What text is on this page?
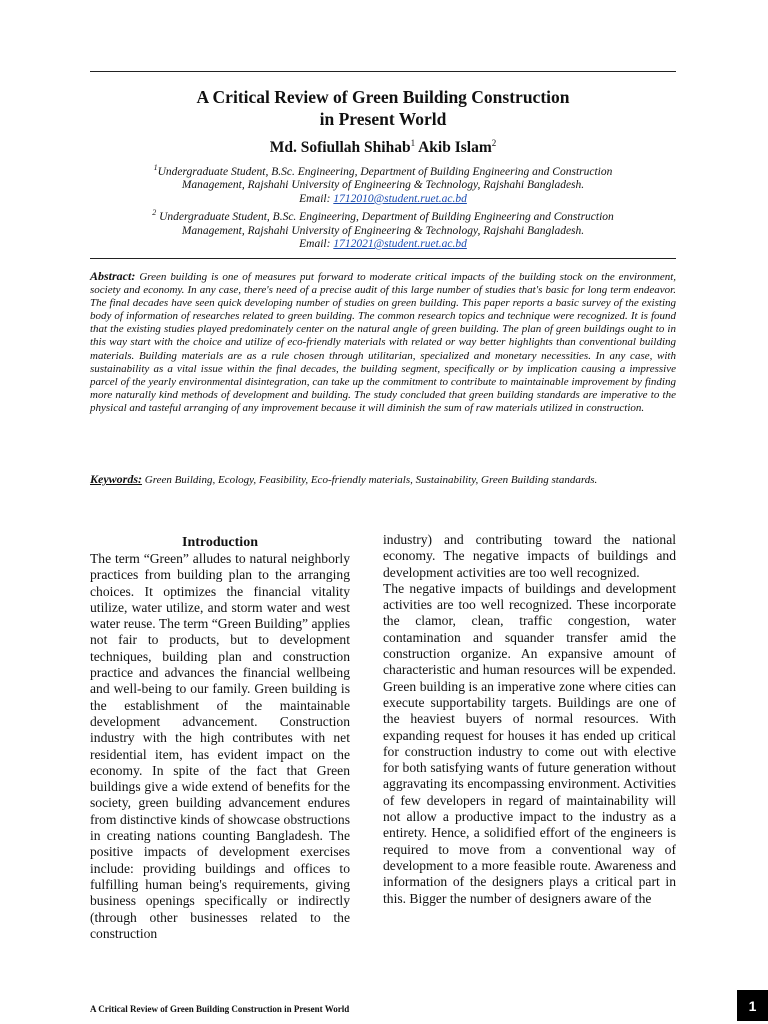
A Critical Review of Green Building Construction
in Present World
Md. Sofiullah Shihab$^1$ Akib Islam$^2$

$^1$Undergraduate Student, B.Sc. Engineering, Department of Building Engineering and Construction

Management, Rajshahi University of Engineering & Technology, Rajshahi Bangladesh.

Email: 1712010@student.ruet.ac.bd

$^2$ Undergraduate Student, B.Sc. Engineering, Department of Building Engineering and Construction

Management, Rajshahi University of Engineering & Technology, Rajshahi Bangladesh.

Email: 1712021@student.ruet.ac.bd

Abstract: Green building is one of measures put forward to moderate critical impacts of the building stock on the environment, society and economy. In any case, there's need of a precise audit of this large number of studies that's basic for long term endeavor. The final decades have seen quick developing number of studies on green building. This paper reports a basic survey of the existing body of information of researches related to green building. The common research topics and technique were recognized. It is found that the existing studies played predominately center on the natural angle of green building. The plan of green buildings ought to in this way start with the choice and utilize of eco-friendly materials with related or way better highlights than conventional building materials. Building materials are as a rule chosen through utilitarian, specialized and monetary necessities. In any case, with sustainability as a vital issue within the final decades, the building segment, specifically or by implication causing a impressive parcel of the yearly environmental disintegration, can take up the commitment to contribute to maintainable improvement by finding more naturally kind methods of development and building. The study concluded that green building standards are imperative to the physical and tasteful arranging of any improvement because it will diminish the sum of raw materials utilized in construction.
Keywords: Green Building, Ecology, Feasibility, Eco-friendly materials, Sustainability, Green Building standards.
Introduction

The term “Green” alludes to natural neighborly practices from building plan to the arranging choices. It optimizes the financial vitality utilize, water utilize, and storm water and west water reuse. The term “Green Building” applies not fair to products, but to development techniques, building plan and construction practice and advances the financial wellbeing and well-being to our family. Green building is the establishment of the maintainable development advancement. Construction industry with the high contributes with net residential item, has evident impact on the economy. In spite of the fact that Green buildings give a wide extend of benefits for the society, green building advancement endures from distinctive kinds of showcase obstructions in creating nations counting Bangladesh. The positive impacts of development exercises include: providing buildings and offices to fulfilling human being's requirements, giving business openings specifically or indirectly (through other businesses related to the construction

industry) and contributing toward the national economy. The negative impacts of buildings and development activities are too well recognized.

The negative impacts of buildings and development activities are too well recognized. These incorporate the clamor, clean, traffic congestion, water contamination and squander transfer amid the construction organize. An expansive amount of characteristic and human resources will be expended. Green building is an imperative zone where cities can execute supportability targets. Buildings are one of the heaviest buyers of normal resources. With expanding request for houses it has ended up critical for construction industry to come out with elective for both satisfying wants of future generation without aggravating its encompassing environment. Activities of few developers in regard of maintainability will not allow a productive impact to the industry as a entirety. Hence, a solidified effort of the engineers is required to move from a conventional way of development to a more feasible route. Awareness and information of the designers plays a critical part in this. Bigger the number of designers aware of the

A Critical Review of Green Building Construction in Present World	1
